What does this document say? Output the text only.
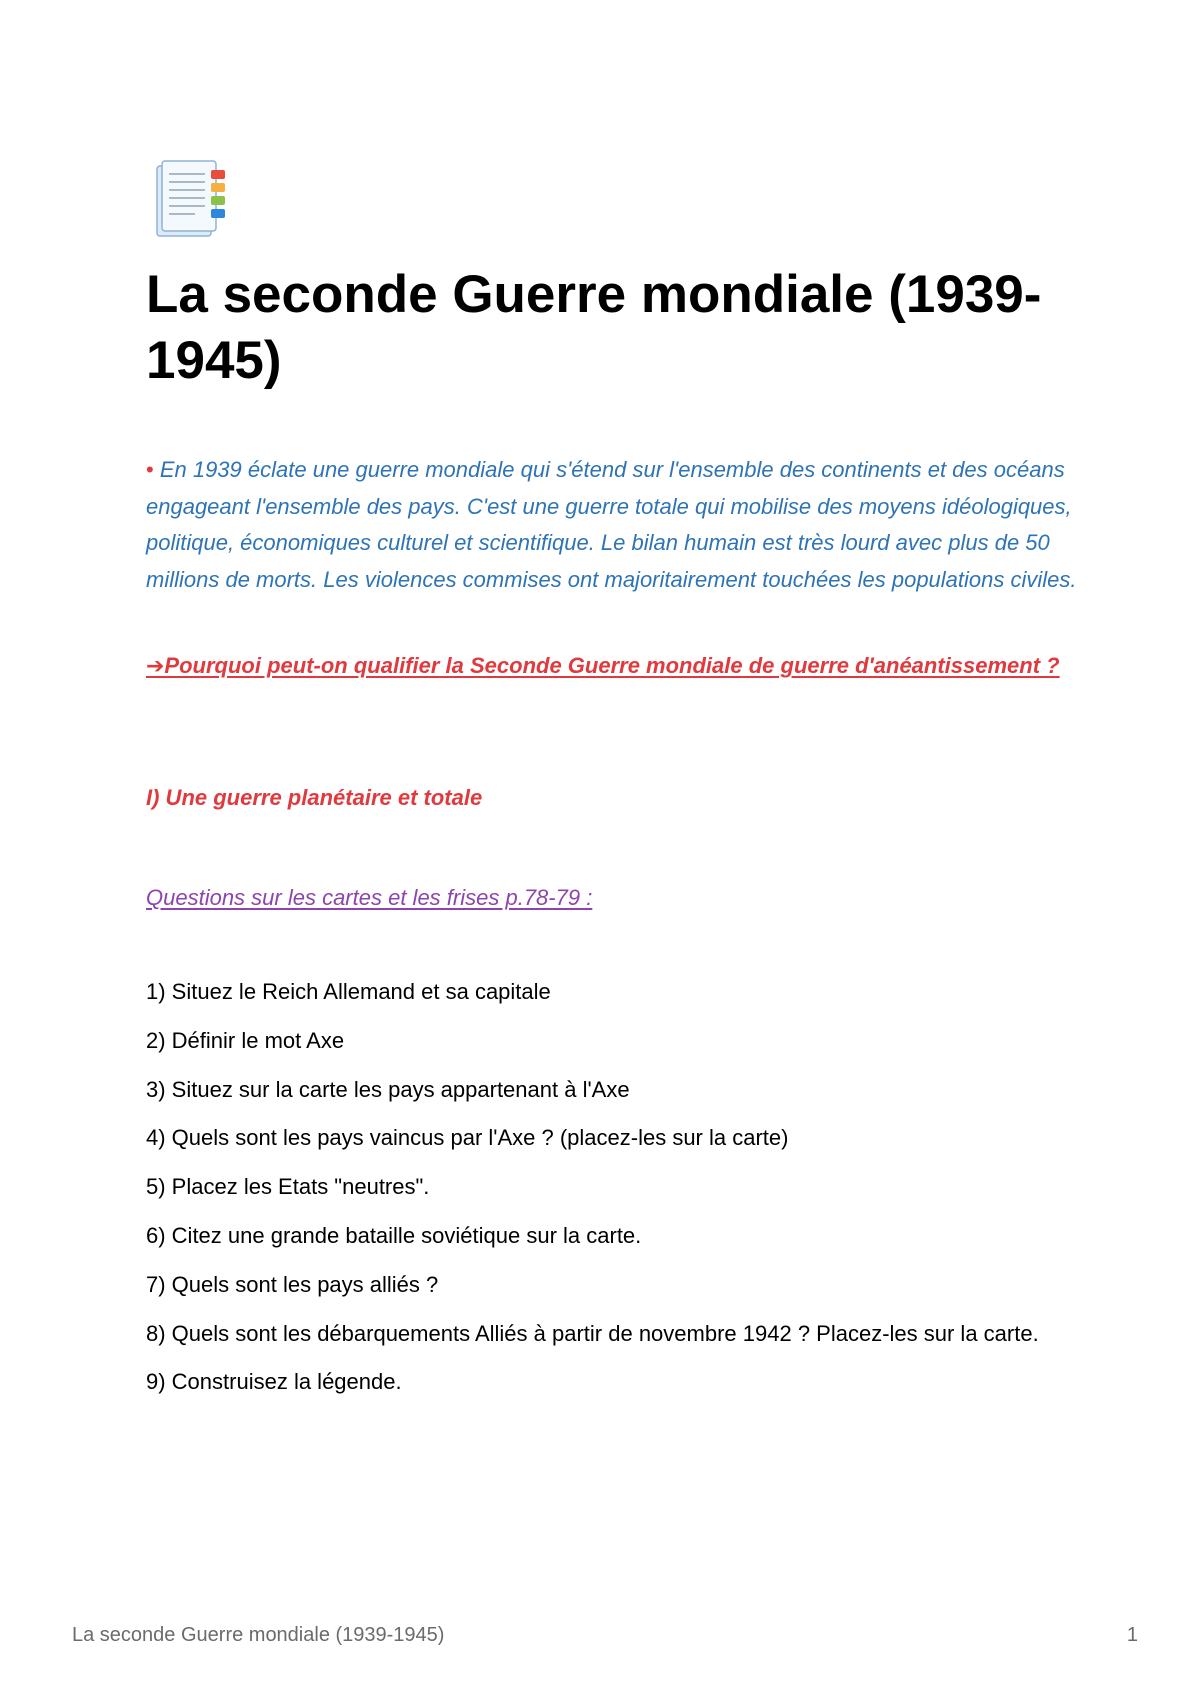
La seconde Guerre mondiale (1939-1945)

• En 1939 éclate une guerre mondiale qui s'étend sur l'ensemble des continents et des océans engageant l'ensemble des pays. C'est une guerre totale qui mobilise des moyens idéologiques, politique, économiques culturel et scientifique. Le bilan humain est très lourd avec plus de 50 millions de morts. Les violences commises ont majoritairement touchées les populations civiles.

➔Pourquoi peut-on qualifier la Seconde Guerre mondiale de guerre d'anéantissement ?

I) Une guerre planétaire et totale

Questions sur les cartes et les frises p.78-79 :

1) Situez le Reich Allemand et sa capitale
2) Définir le mot Axe
3) Situez sur la carte les pays appartenant à l'Axe
4) Quels sont les pays vaincus par l'Axe ? (placez-les sur la carte)
5) Placez les Etats "neutres".
6) Citez une grande bataille soviétique sur la carte.
7) Quels sont les pays alliés ?
8) Quels sont les débarquements Alliés à partir de novembre 1942 ? Placez-les sur la carte.
9) Construisez la légende.
La seconde Guerre mondiale (1939-1945)	1
